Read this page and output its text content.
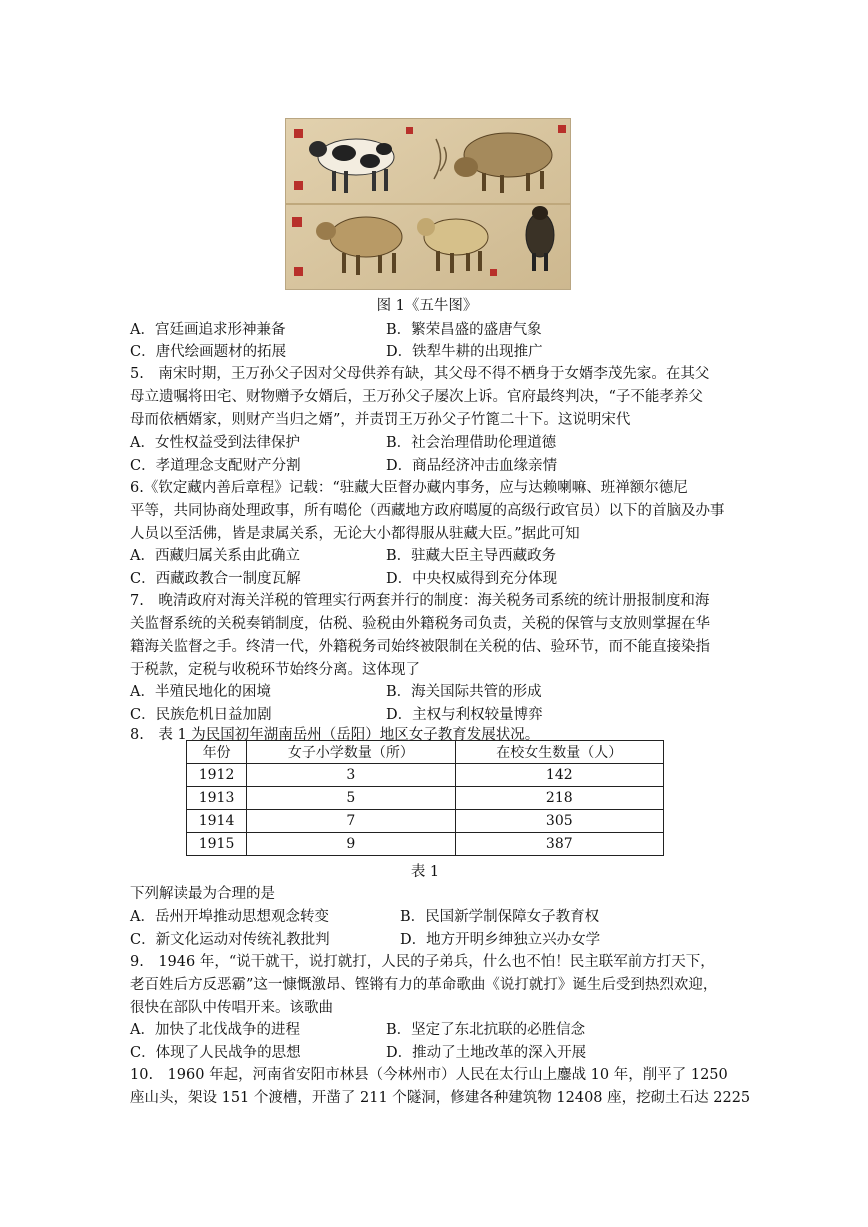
图 1《五牛图》
A．宫廷画追求形神兼备	B．繁荣昌盛的盛唐气象
C．唐代绘画题材的拓展	D．铁犁牛耕的出现推广
5.　南宋时期，王万孙父子因对父母供养有缺，其父母不得不栖身于女婿李茂先家。在其父
母立遗嘱将田宅、财物赠予女婿后，王万孙父子屡次上诉。官府最终判决，“子不能孝养父
母而依栖婿家，则财产当归之婿”，并责罚王万孙父子竹篦二十下。这说明宋代
A．女性权益受到法律保护	B．社会治理借助伦理道德
C．孝道理念支配财产分割	D．商品经济冲击血缘亲情
6.《钦定藏内善后章程》记载：“驻藏大臣督办藏内事务，应与达赖喇嘛、班禅额尔德尼
平等，共同协商处理政事，所有噶伦（西藏地方政府噶厦的高级行政官员）以下的首脑及办事
人员以至活佛，皆是隶属关系，无论大小都得服从驻藏大臣。”据此可知
A．西藏归属关系由此确立	B．驻藏大臣主导西藏政务
C．西藏政教合一制度瓦解	D．中央权威得到充分体现
7.　晚清政府对海关洋税的管理实行两套并行的制度：海关税务司系统的统计册报制度和海
关监督系统的关税奏销制度，估税、验税由外籍税务司负责，关税的保管与支放则掌握在华
籍海关监督之手。终清一代，外籍税务司始终被限制在关税的估、验环节，而不能直接染指
于税款，定税与收税环节始终分离。这体现了
A．半殖民地化的困境	B．海关国际共管的形成
C．民族危机日益加剧	D．主权与利权较量博弈
8.　表 1 为民国初年湖南岳州（岳阳）地区女子教育发展状况。
年份	女子小学数量（所）	在校女生数量（人）
1912	3	142
1913	5	218
1914	7	305
1915	9	387
表 1
下列解读最为合理的是
A．岳州开埠推动思想观念转变	B．民国新学制保障女子教育权
C．新文化运动对传统礼教批判	D．地方开明乡绅独立兴办女学
9.　1946 年，“说干就干，说打就打，人民的子弟兵，什么也不怕！民主联军前方打天下，
老百姓后方反恶霸”这一慷慨激昂、铿锵有力的革命歌曲《说打就打》诞生后受到热烈欢迎，
很快在部队中传唱开来。该歌曲
A．加快了北伐战争的进程	B．坚定了东北抗联的必胜信念
C．体现了人民战争的思想	D．推动了土地改革的深入开展
10.　1960 年起，河南省安阳市林县（今林州市）人民在太行山上鏖战 10 年，削平了 1250
座山头，架设 151 个渡槽，开凿了 211 个隧洞，修建各种建筑物 12408 座，挖砌土石达 2225
